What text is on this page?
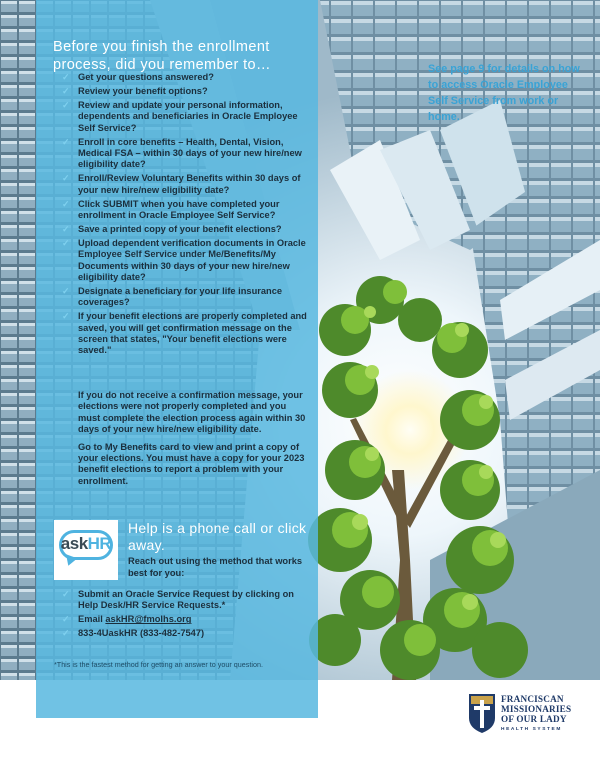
Before you finish the enrollment process, did you remember to…
✓ Get your questions answered?
✓ Review your benefit options?
✓ Review and update your personal information, dependents and beneficiaries in Oracle Employee Self Service?
✓ Enroll in core benefits – Health, Dental, Vision, Medical FSA – within 30 days of your new hire/new eligibility date?
✓ Enroll/Review Voluntary Benefits within 30 days of your new hire/new eligibility date?
✓ Click SUBMIT when you have completed your enrollment in Oracle Employee Self Service?
✓ Save a printed copy of your benefit elections?
✓ Upload dependent verification documents in Oracle Employee Self Service under Me/Benefits/My Documents within 30 days of your new hire/new eligibility date?
✓ Designate a beneficiary for your life insurance coverages?
✓ If your benefit elections are properly completed and saved, you will get confirmation message on the screen that states, "Your benefit elections were saved."

If you do not receive a confirmation message, your elections were not properly completed and you must complete the election process again within 30 days of your new hire/new eligibility date.

Go to My Benefits card to view and print a copy of your elections. You must have a copy for your 2023 benefit elections to report a problem with your enrollment.

askHR
Help is a phone call or click away.
Reach out using the method that works best for you:
✓ Submit an Oracle Service Request by clicking on Help Desk/HR Service Requests.*
✓ Email askHR@fmolhs.org
✓ 833-4UaskHR (833-482-7547)
*This is the fastest method for getting an answer to your question.
See page 9 for details on how to access Oracle Employee Self Service from work or home.
FRANCISCAN
MISSIONARIES
OF OUR LADY
HEALTH SYSTEM
